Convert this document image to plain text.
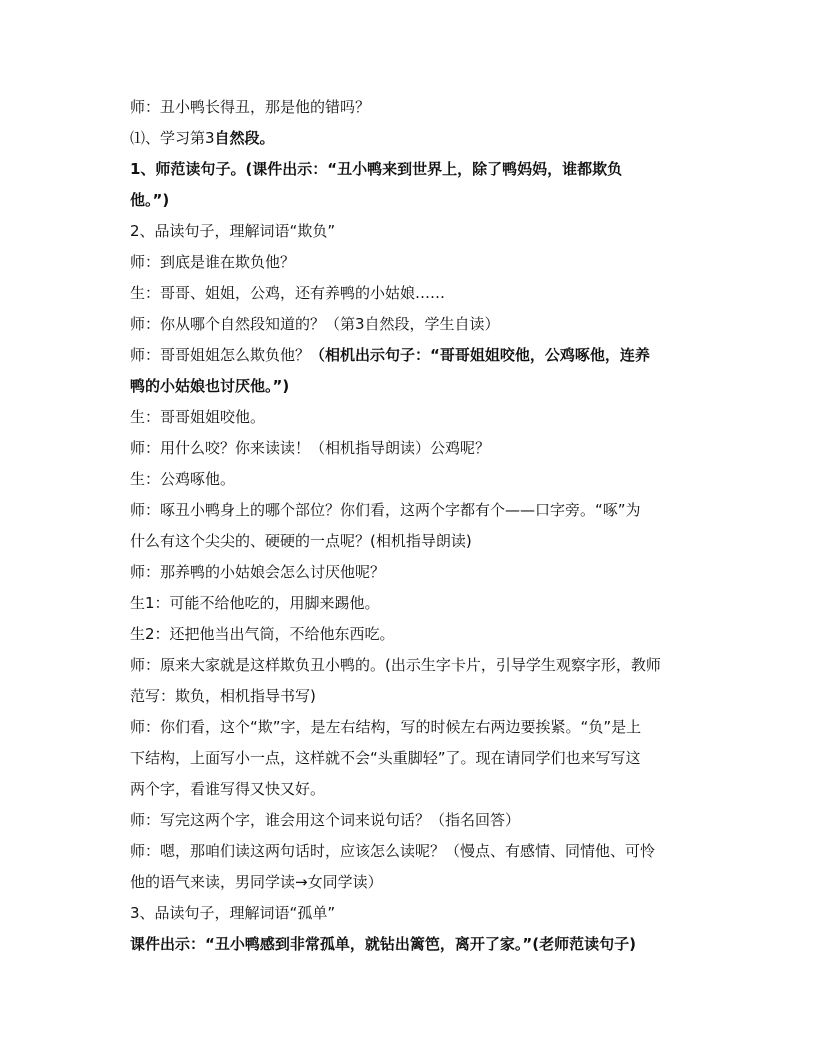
师：丑小鸭长得丑，那是他的错吗？
⑴、学习第3自然段。
1、师范读句子。(课件出示：“丑小鸭来到世界上，除了鸭妈妈，谁都欺负
他。”)
2、品读句子，理解词语“欺负”
师：到底是谁在欺负他？
生：哥哥、姐姐，公鸡，还有养鸭的小姑娘……
师：你从哪个自然段知道的？（第3自然段，学生自读）
师：哥哥姐姐怎么欺负他？（相机出示句子：“哥哥姐姐咬他，公鸡啄他，连养
鸭的小姑娘也讨厌他。”)
生：哥哥姐姐咬他。
师：用什么咬？你来读读！（相机指导朗读）公鸡呢？
生：公鸡啄他。
师：啄丑小鸭身上的哪个部位？你们看，这两个字都有个——口字旁。“啄”为
什么有这个尖尖的、硬硬的一点呢？(相机指导朗读)
师：那养鸭的小姑娘会怎么讨厌他呢？
生1：可能不给他吃的，用脚来踢他。
生2：还把他当出气筒，不给他东西吃。
师：原来大家就是这样欺负丑小鸭的。(出示生字卡片，引导学生观察字形，教师
范写：欺负，相机指导书写)
师：你们看，这个“欺”字，是左右结构，写的时候左右两边要挨紧。“负”是上
下结构，上面写小一点，这样就不会“头重脚轻”了。现在请同学们也来写写这
两个字，看谁写得又快又好。
师：写完这两个字，谁会用这个词来说句话？（指名回答）
师：嗯，那咱们读这两句话时，应该怎么读呢？（慢点、有感情、同情他、可怜
他的语气来读，男同学读→女同学读）
3、品读句子，理解词语“孤单”
课件出示：“丑小鸭感到非常孤单，就钻出篱笆，离开了家。”(老师范读句子)
